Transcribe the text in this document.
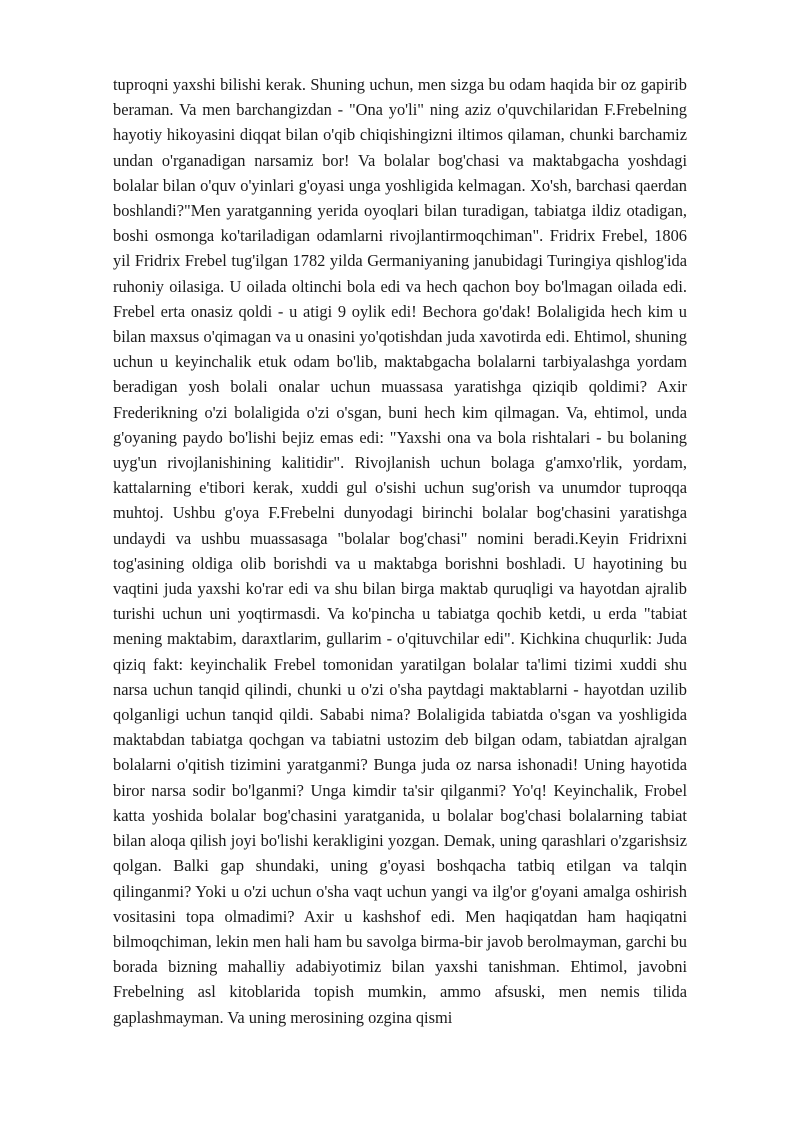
tuproqni yaxshi bilishi kerak. Shuning uchun, men sizga bu odam haqida bir oz gapirib beraman. Va men barchangizdan - "Ona yo'li" ning aziz o'quvchilaridan F.Frebelning hayotiy hikoyasini diqqat bilan o'qib chiqishingizni iltimos qilaman, chunki barchamiz undan o'rganadigan narsamiz bor! Va bolalar bog'chasi va maktabgacha yoshdagi bolalar bilan o'quv o'yinlari g'oyasi unga yoshligida kelmagan. Xo'sh, barchasi qaerdan boshlandi?"Men yaratganning yerida oyoqlari bilan turadigan, tabiatga ildiz otadigan, boshi osmonga ko'tariladigan odamlarni rivojlantirmoqchiman". Fridrix Frebel, 1806 yil Fridrix Frebel tug'ilgan 1782 yilda Germaniyaning janubidagi Turingiya qishlog'ida ruhoniy oilasiga. U oilada oltinchi bola edi va hech qachon boy bo'lmagan oilada edi. Frebel erta onasiz qoldi - u atigi 9 oylik edi! Bechora go'dak! Bolaligida hech kim u bilan maxsus o'qimagan va u onasini yo'qotishdan juda xavotirda edi. Ehtimol, shuning uchun u keyinchalik etuk odam bo'lib, maktabgacha bolalarni tarbiyalashga yordam beradigan yosh bolali onalar uchun muassasa yaratishga qiziqib qoldimi? Axir Frederikning o'zi bolaligida o'zi o'sgan, buni hech kim qilmagan. Va, ehtimol, unda g'oyaning paydo bo'lishi bejiz emas edi: "Yaxshi ona va bola rishtalari - bu bolaning uyg'un rivojlanishining kalitidir". Rivojlanish uchun bolaga g'amxo'rlik, yordam, kattalarning e'tibori kerak, xuddi gul o'sishi uchun sug'orish va unumdor tuproqqa muhtoj. Ushbu g'oya F.Frebelni dunyodagi birinchi bolalar bog'chasini yaratishga undaydi va ushbu muassasaga "bolalar bog'chasi" nomini beradi.Keyin Fridrixni tog'asining oldiga olib borishdi va u maktabga borishni boshladi. U hayotining bu vaqtini juda yaxshi ko'rar edi va shu bilan birga maktab quruqligi va hayotdan ajralib turishi uchun uni yoqtirmasdi. Va ko'pincha u tabiatga qochib ketdi, u erda "tabiat mening maktabim, daraxtlarim, gullarim - o'qituvchilar edi". Kichkina chuqurlik: Juda qiziq fakt: keyinchalik Frebel tomonidan yaratilgan bolalar ta'limi tizimi xuddi shu narsa uchun tanqid qilindi, chunki u o'zi o'sha paytdagi maktablarni - hayotdan uzilib qolganligi uchun tanqid qildi. Sababi nima? Bolaligida tabiatda o'sgan va yoshligida maktabdan tabiatga qochgan va tabiatni ustozim deb bilgan odam, tabiatdan ajralgan bolalarni o'qitish tizimini yaratganmi? Bunga juda oz narsa ishonadi! Uning hayotida biror narsa sodir bo'lganmi? Unga kimdir ta'sir qilganmi? Yo'q! Keyinchalik, Frobel katta yoshida bolalar bog'chasini yaratganida, u bolalar bog'chasi bolalarning tabiat bilan aloqa qilish joyi bo'lishi kerakligini yozgan. Demak, uning qarashlari o'zgarishsiz qolgan. Balki gap shundaki, uning g'oyasi boshqacha tatbiq etilgan va talqin qilinganmi? Yoki u o'zi uchun o'sha vaqt uchun yangi va ilg'or g'oyani amalga oshirish vositasini topa olmadimi? Axir u kashshof edi. Men haqiqatdan ham haqiqatni bilmoqchiman, lekin men hali ham bu savolga birma-bir javob berolmayman, garchi bu borada bizning mahalliy adabiyotimiz bilan yaxshi tanishman. Ehtimol, javobni Frebelning asl kitoblarida topish mumkin, ammo afsuski, men nemis tilida gaplashmayman. Va uning merosining ozgina qismi
